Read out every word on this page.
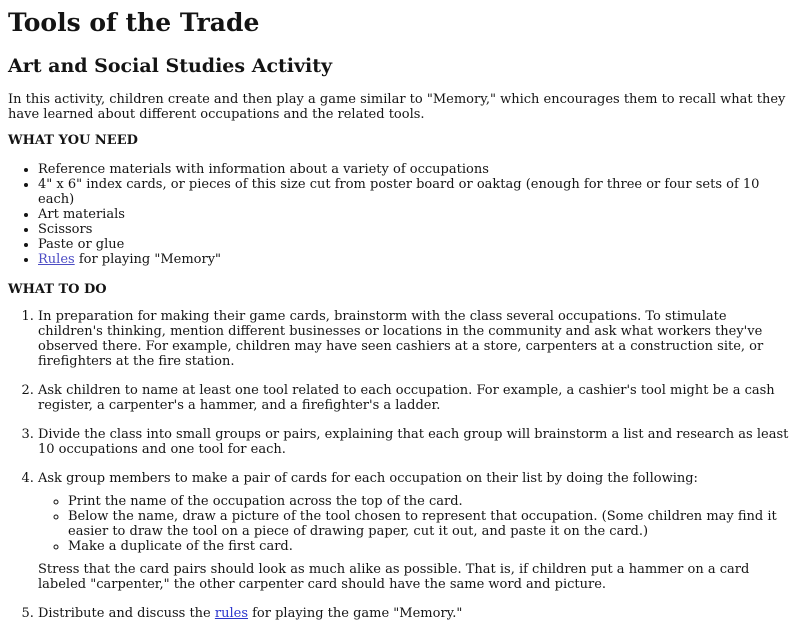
Tools of the Trade
Art and Social Studies Activity

In this activity, children create and then play a game similar to "Memory," which encourages them to recall what they have learned about different occupations and the related tools.

WHAT YOU NEED
• Reference materials with information about a variety of occupations
• 4" x 6" index cards, or pieces of this size cut from poster board or oaktag (enough for three or four sets of 10 each)
• Art materials
• Scissors
• Paste or glue
• Rules for playing "Memory"
WHAT TO DO
1. In preparation for making their game cards, brainstorm with the class several occupations. To stimulate children's thinking, mention different businesses or locations in the community and ask what workers they've observed there. For example, children may have seen cashiers at a store, carpenters at a construction site, or firefighters at the fire station.
2. Ask children to name at least one tool related to each occupation. For example, a cashier's tool might be a cash register, a carpenter's a hammer, and a firefighter's a ladder.
3. Divide the class into small groups or pairs, explaining that each group will brainstorm a list and research as least 10 occupations and one tool for each.
4. Ask group members to make a pair of cards for each occupation on their list by doing the following:
◦ Print the name of the occupation across the top of the card.
◦ Below the name, draw a picture of the tool chosen to represent that occupation. (Some children may find it easier to draw the tool on a piece of drawing paper, cut it out, and paste it on the card.)
◦ Make a duplicate of the first card.

Stress that the card pairs should look as much alike as possible. That is, if children put a hammer on a card labeled "carpenter," the other carpenter card should have the same word and picture.

5. Distribute and discuss the rules for playing the game "Memory."
